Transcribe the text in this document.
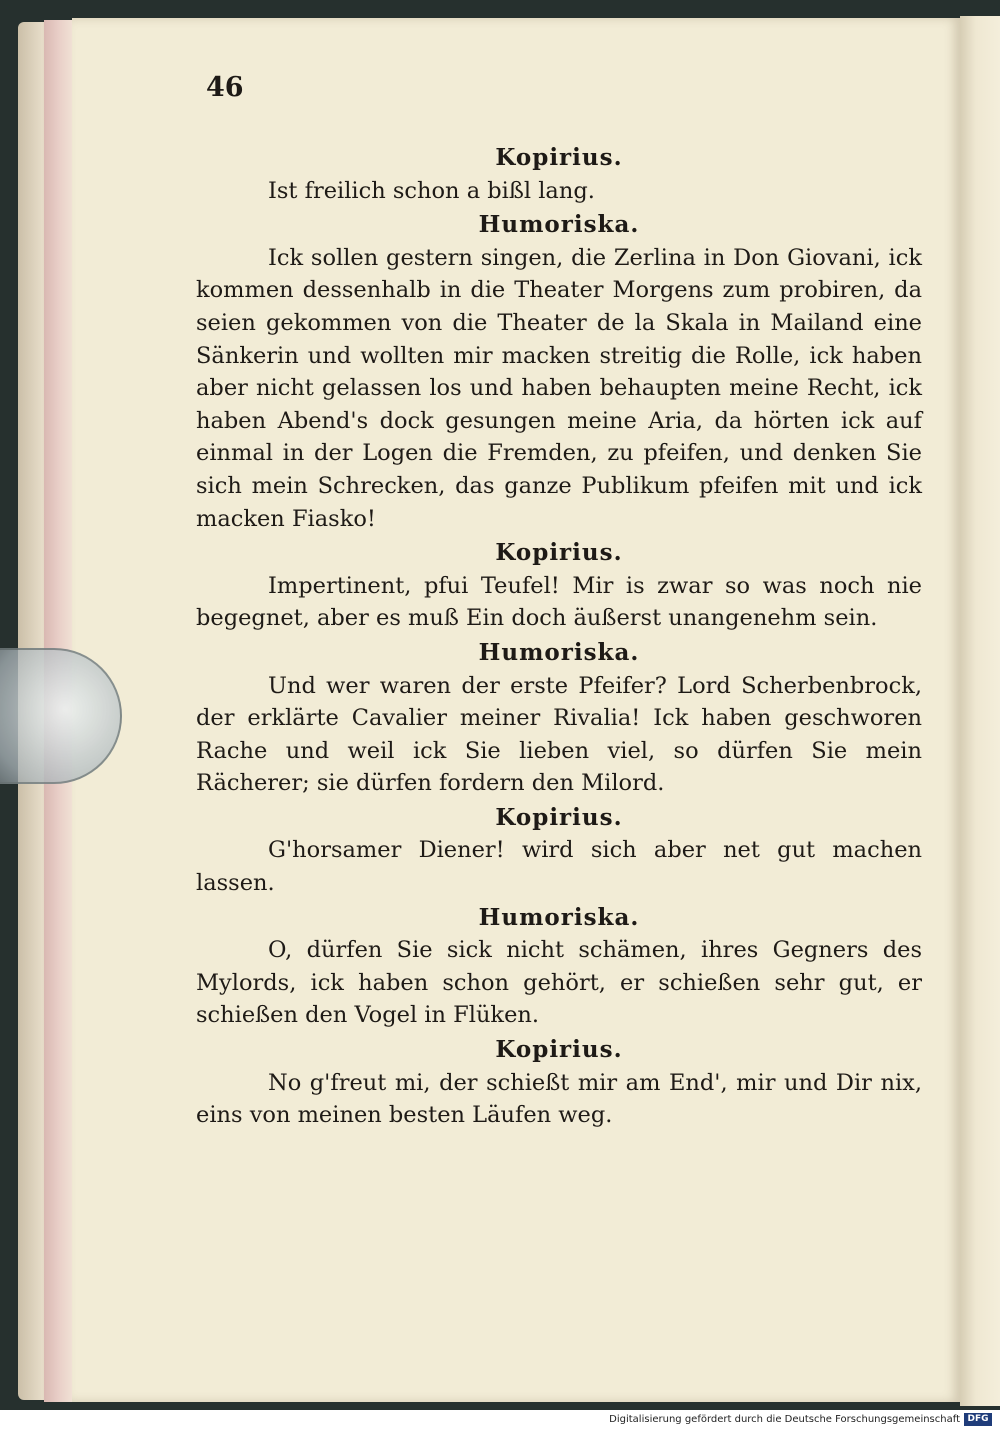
46

Kopirius.

Ist freilich schon a bißl lang.

Humoriska.

Ick sollen gestern singen, die Zerlina in Don Giovani, ick kommen dessenhalb in die Theater Morgens zum probiren, da seien gekommen von die Theater de la Skala in Mailand eine Sänkerin und wollten mir macken streitig die Rolle, ick haben aber nicht gelassen los und haben behaupten meine Recht, ick haben Abend's dock gesungen meine Aria, da hörten ick auf einmal in der Logen die Fremden, zu pfeifen, und denken Sie sich mein Schrecken, das ganze Publikum pfeifen mit und ick macken Fiasko!

Kopirius.

Impertinent, pfui Teufel! Mir is zwar so was noch nie begegnet, aber es muß Ein doch äußerst unangenehm sein.

Humoriska.

Und wer waren der erste Pfeifer? Lord Scherbenbrock, der erklärte Cavalier meiner Rivalia! Ick haben geschworen Rache und weil ick Sie lieben viel, so dürfen Sie mein Rächerer; sie dürfen fordern den Milord.

Kopirius.

G'horsamer Diener! wird sich aber net gut machen lassen.

Humoriska.

O, dürfen Sie sick nicht schämen, ihres Gegners des Mylords, ick haben schon gehört, er schießen sehr gut, er schießen den Vogel in Flüken.

Kopirius.

No g'freut mi, der schießt mir am End', mir und Dir nix, eins von meinen besten Läufen weg.

Digitalisierung gefördert durch die Deutsche Forschungsgemeinschaft DFG
